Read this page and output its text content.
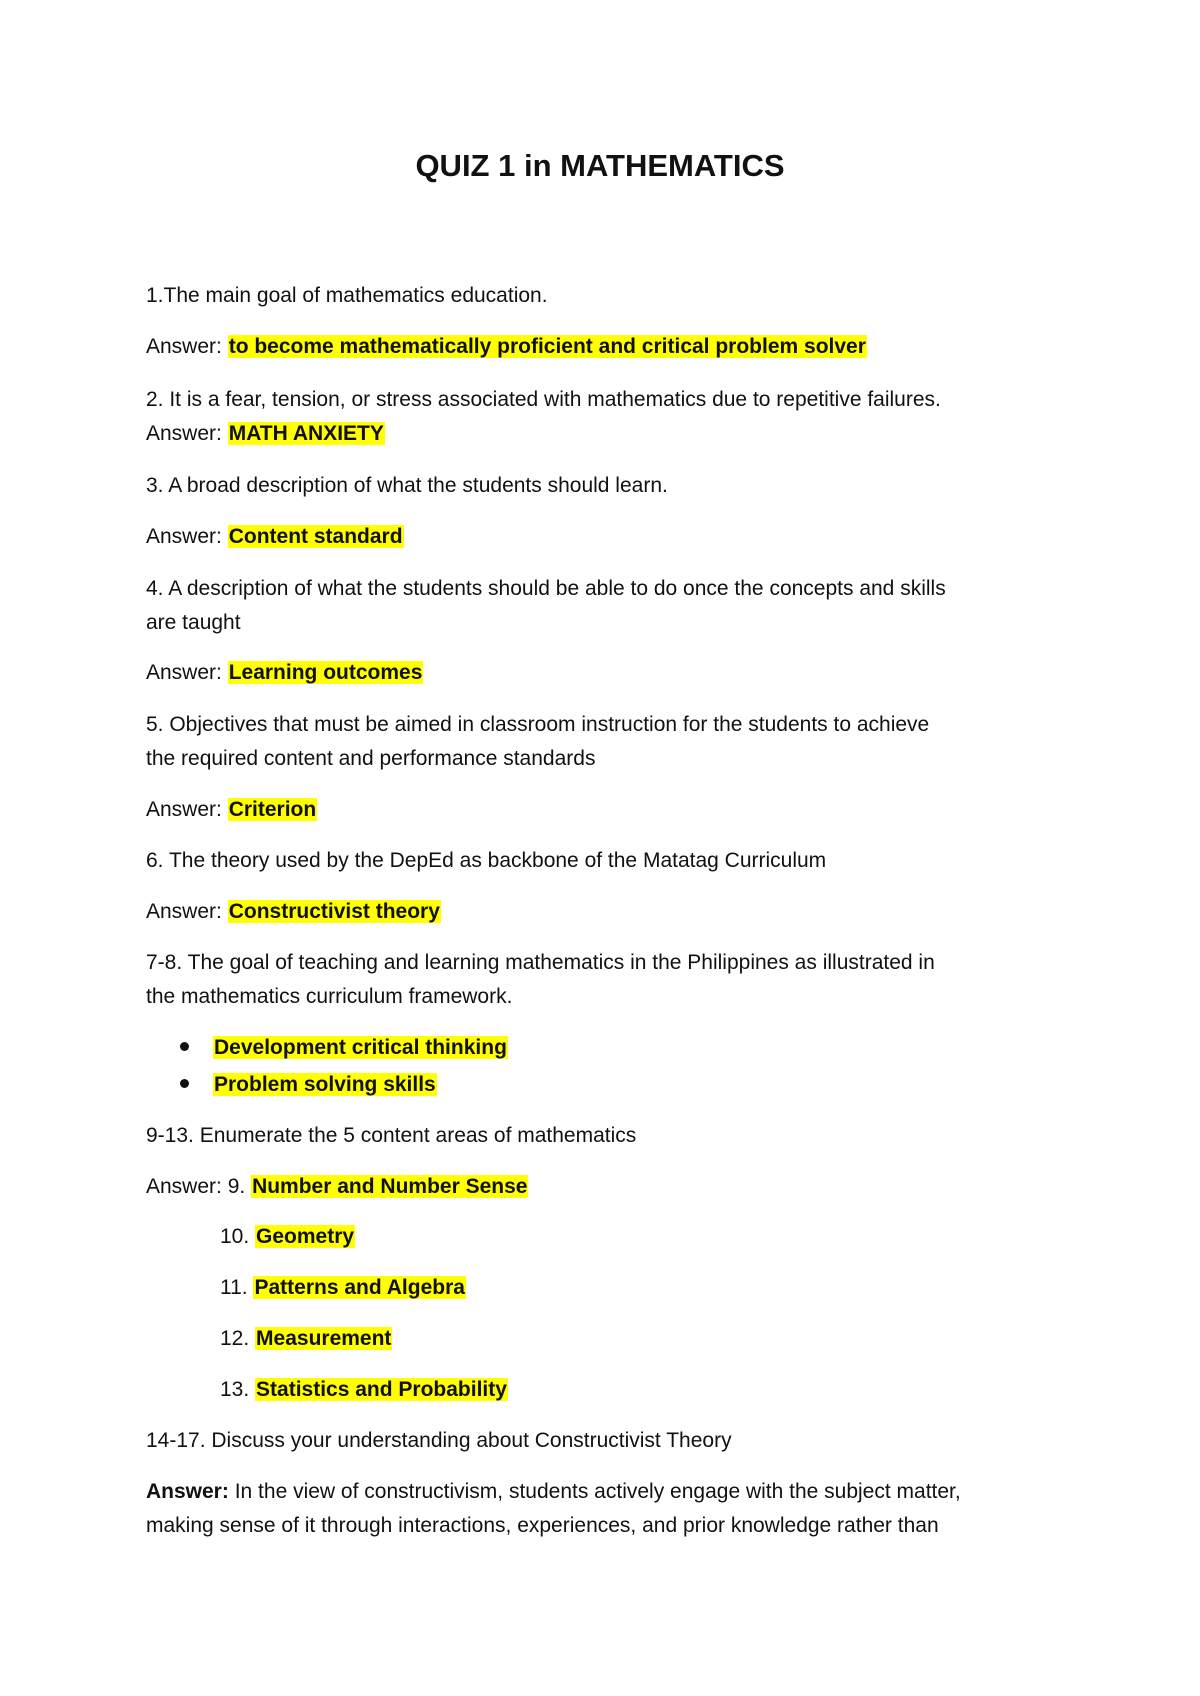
QUIZ 1 in MATHEMATICS

1.The main goal of mathematics education.

Answer: to become mathematically proficient and critical problem solver

2. It is a fear, tension, or stress associated with mathematics due to repetitive failures.

Answer: MATH ANXIETY

3. A broad description of what the students should learn.

Answer: Content standard

4. A description of what the students should be able to do once the concepts and skills

are taught

Answer: Learning outcomes

5. Objectives that must be aimed in classroom instruction for the students to achieve

the required content and performance standards

Answer: Criterion

6. The theory used by the DepEd as backbone of the Matatag Curriculum

Answer: Constructivist theory

7-8. The goal of teaching and learning mathematics in the Philippines as illustrated in

the mathematics curriculum framework.

Development critical thinking

Problem solving skills

9-13. Enumerate the 5 content areas of mathematics

Answer: 9. Number and Number Sense

10. Geometry

11. Patterns and Algebra

12. Measurement

13. Statistics and Probability

14-17. Discuss your understanding about Constructivist Theory

Answer: In the view of constructivism, students actively engage with the subject matter,

making sense of it through interactions, experiences, and prior knowledge rather than
